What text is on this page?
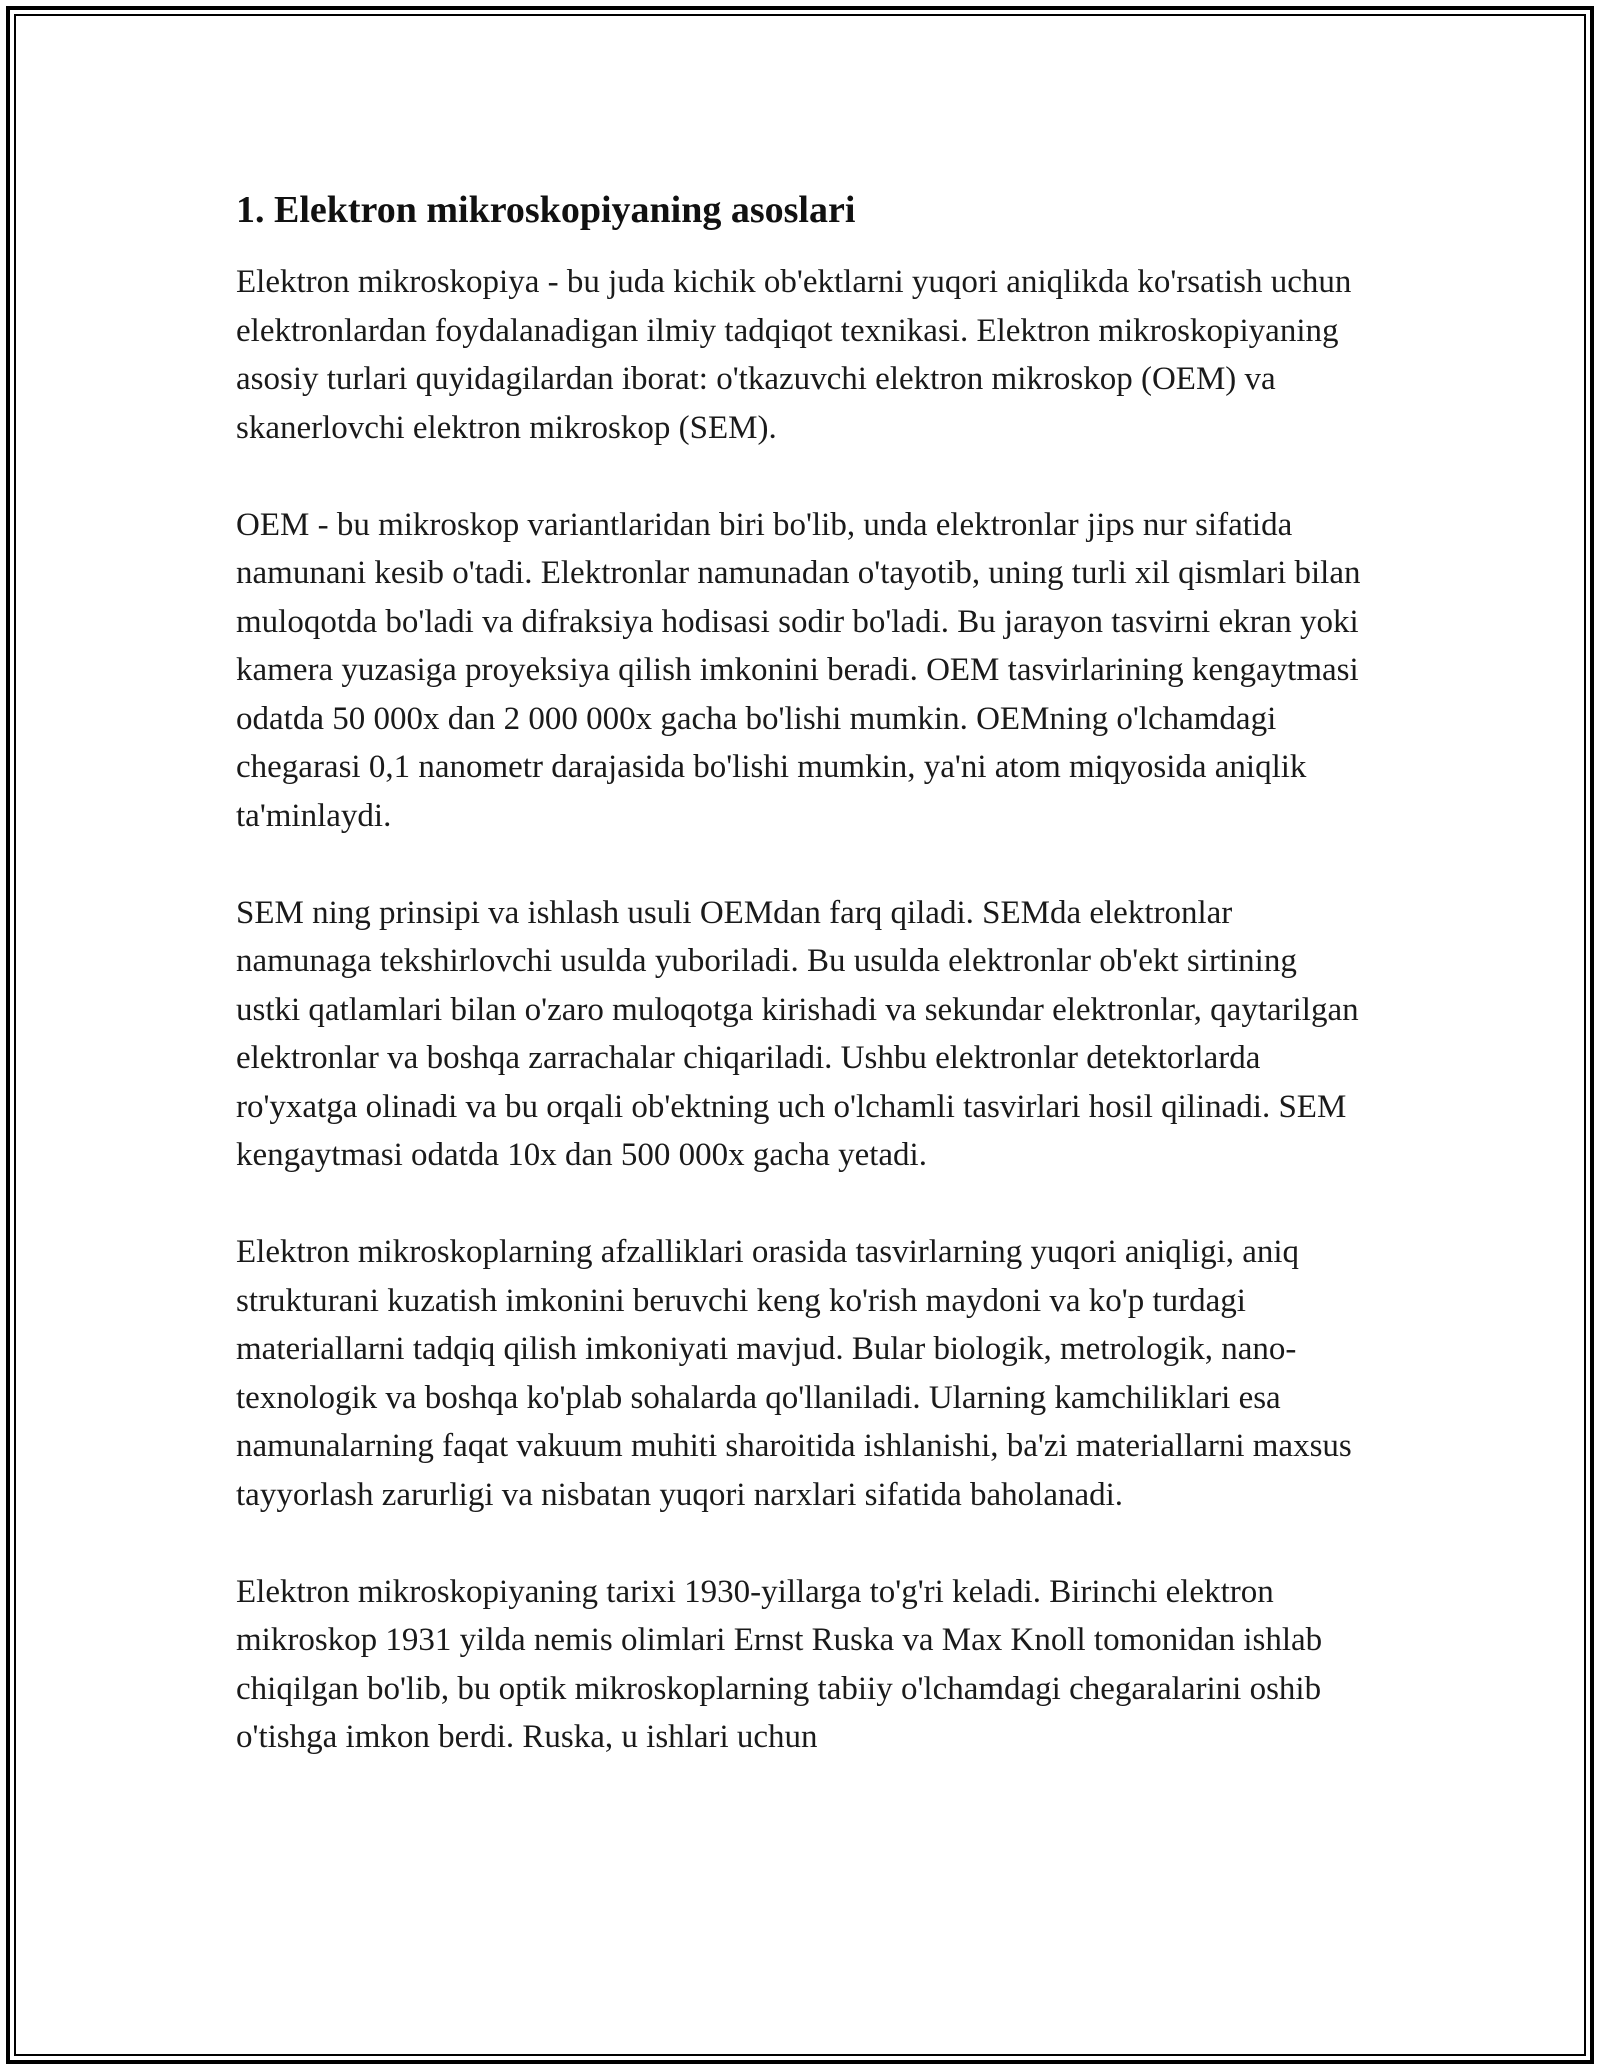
1. Elektron mikroskopiyaning asoslari

Elektron mikroskopiya - bu juda kichik ob'ektlarni yuqori aniqlikda ko'rsatish uchun elektronlardan foydalanadigan ilmiy tadqiqot texnikasi. Elektron mikroskopiyaning asosiy turlari quyidagilardan iborat: o'tkazuvchi elektron mikroskop (OEM) va skanerlovchi elektron mikroskop (SEM).

OEM - bu mikroskop variantlaridan biri bo'lib, unda elektronlar jips nur sifatida namunani kesib o'tadi. Elektronlar namunadan o'tayotib, uning turli xil qismlari bilan muloqotda bo'ladi va difraksiya hodisasi sodir bo'ladi. Bu jarayon tasvirni ekran yoki kamera yuzasiga proyeksiya qilish imkonini beradi. OEM tasvirlarining kengaytmasi odatda 50 000x dan 2 000 000x gacha bo'lishi mumkin. OEMning o'lchamdagi chegarasi 0,1 nanometr darajasida bo'lishi mumkin, ya'ni atom miqyosida aniqlik ta'minlaydi.

SEM ning prinsipi va ishlash usuli OEMdan farq qiladi. SEMda elektronlar namunaga tekshirlovchi usulda yuboriladi. Bu usulda elektronlar ob'ekt sirtining ustki qatlamlari bilan o'zaro muloqotga kirishadi va sekundar elektronlar, qaytarilgan elektronlar va boshqa zarrachalar chiqariladi. Ushbu elektronlar detektorlarda ro'yxatga olinadi va bu orqali ob'ektning uch o'lchamli tasvirlari hosil qilinadi. SEM kengaytmasi odatda 10x dan 500 000x gacha yetadi.

Elektron mikroskoplarning afzalliklari orasida tasvirlarning yuqori aniqligi, aniq strukturani kuzatish imkonini beruvchi keng ko'rish maydoni va ko'p turdagi materiallarni tadqiq qilish imkoniyati mavjud. Bular biologik, metrologik, nano-texnologik va boshqa ko'plab sohalarda qo'llaniladi. Ularning kamchiliklari esa namunalarning faqat vakuum muhiti sharoitida ishlanishi, ba'zi materiallarni maxsus tayyorlash zarurligi va nisbatan yuqori narxlari sifatida baholanadi.

Elektron mikroskopiyaning tarixi 1930-yillarga to'g'ri keladi. Birinchi elektron mikroskop 1931 yilda nemis olimlari Ernst Ruska va Max Knoll tomonidan ishlab chiqilgan bo'lib, bu optik mikroskoplarning tabiiy o'lchamdagi chegaralarini oshib o'tishga imkon berdi. Ruska, u ishlari uchun
